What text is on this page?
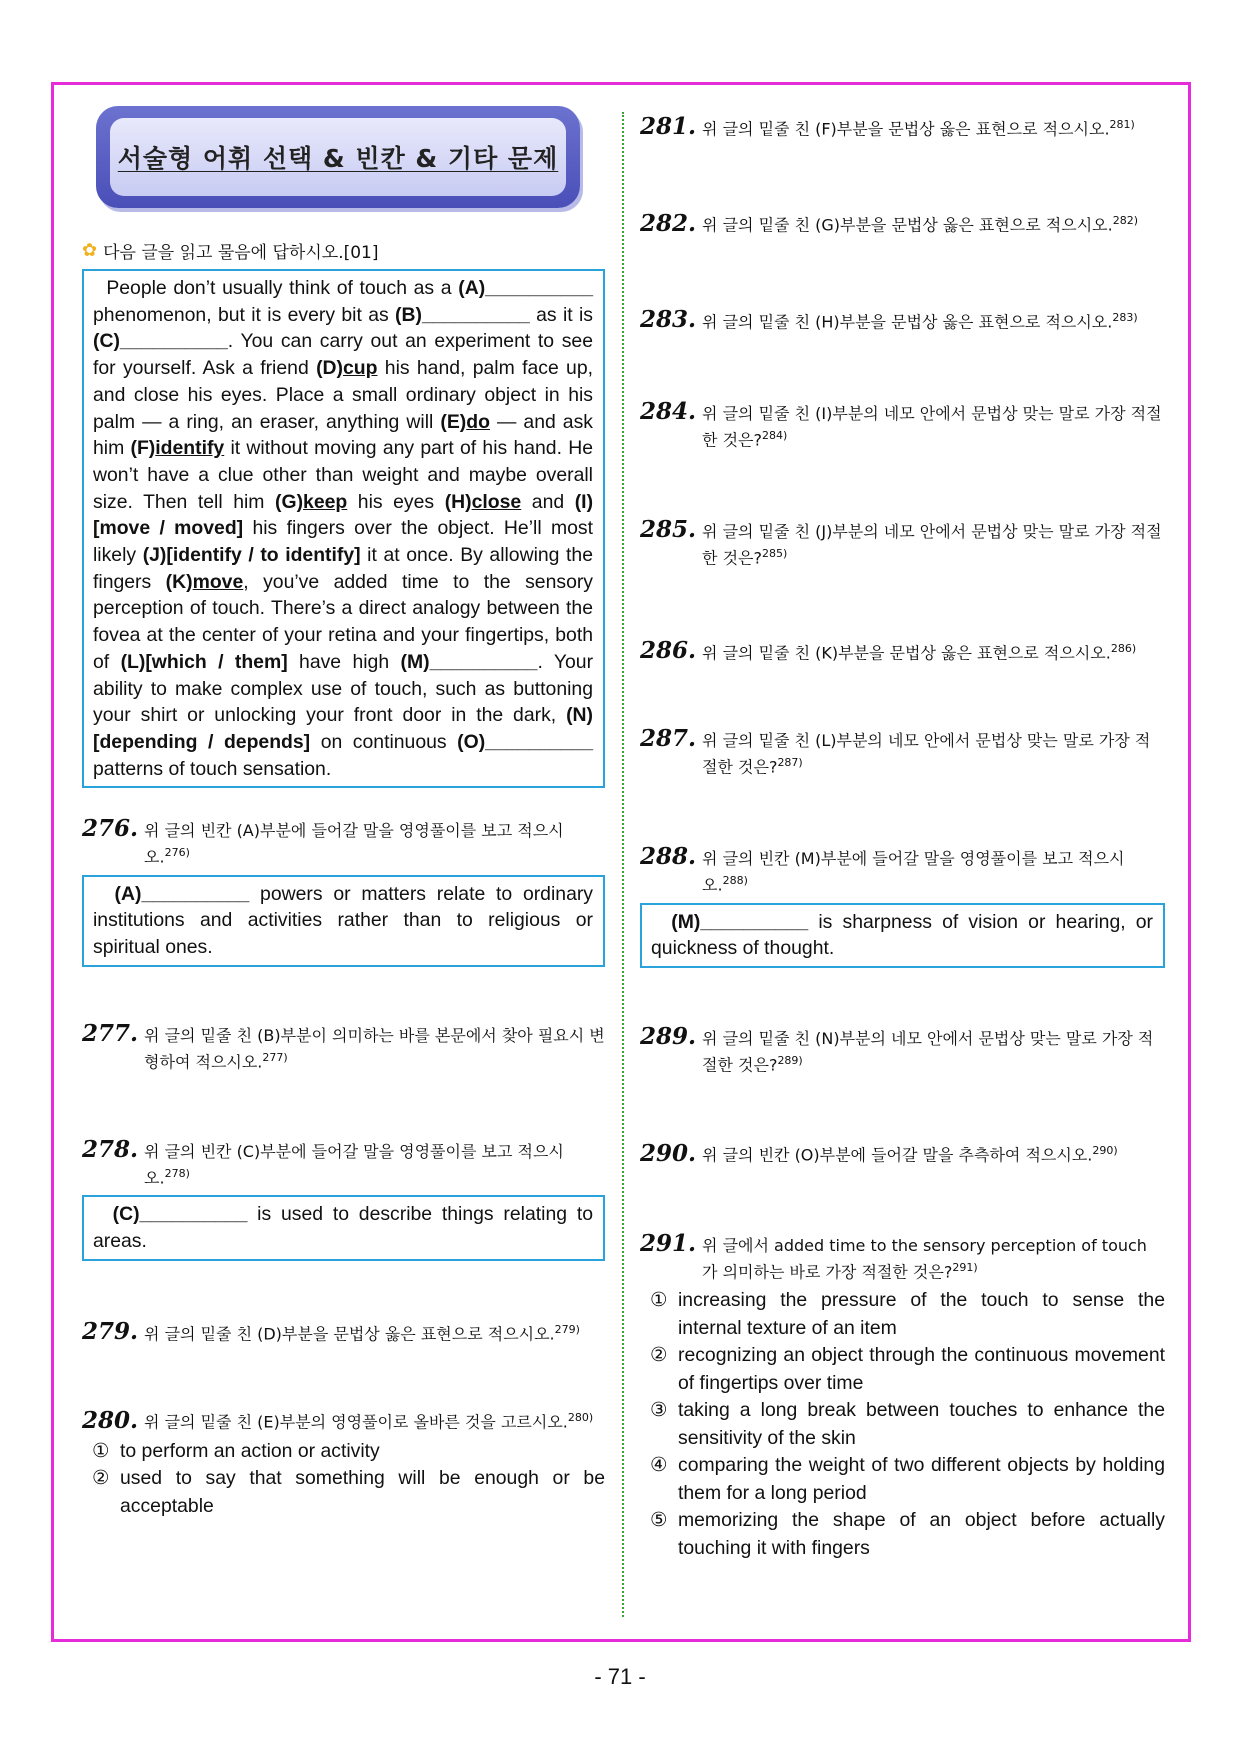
서술형 어휘 선택 & 빈칸 & 기타 문제
✿ 다음 글을 읽고 물음에 답하시오.[01]
People don’t usually think of touch as a (A)__________ phenomenon, but it is every bit as (B)__________ as it is (C)__________. You can carry out an experiment to see for yourself. Ask a friend (D)cup his hand, palm face up, and close his eyes. Place a small ordinary object in his palm — a ring, an eraser, anything will (E)do — and ask him (F)identify it without moving any part of his hand. He won’t have a clue other than weight and maybe overall size. Then tell him (G)keep his eyes (H)close and (I)[move / moved] his fingers over the object. He’ll most likely (J)[identify / to identify] it at once. By allowing the fingers (K)move, you’ve added time to the sensory perception of touch. There’s a direct analogy between the fovea at the center of your retina and your fingertips, both of (L)[which / them] have high (M)__________. Your ability to make complex use of touch, such as buttoning your shirt or unlocking your front door in the dark, (N)[depending / depends] on continuous (O)__________ patterns of touch sensation.
276. 위 글의 빈칸 (A)부분에 들어갈 말을 영영풀이를 보고 적으시오.$^{276)}$
(A)__________ powers or matters relate to ordinary institutions and activities rather than to religious or spiritual ones.
277. 위 글의 밑줄 친 (B)부분이 의미하는 바를 본문에서 찾아 필요시 변형하여 적으시오.$^{277)}$
278. 위 글의 빈칸 (C)부분에 들어갈 말을 영영풀이를 보고 적으시오.$^{278)}$
(C)__________ is used to describe things relating to areas.
279. 위 글의 밑줄 친 (D)부분을 문법상 옳은 표현으로 적으시오.$^{279)}$
280. 위 글의 밑줄 친 (E)부분의 영영풀이로 올바른 것을 고르시오.$^{280)}$
① to perform an action or activity
② used to say that something will be enough or be acceptable
281. 위 글의 밑줄 친 (F)부분을 문법상 옳은 표현으로 적으시오.$^{281)}$
282. 위 글의 밑줄 친 (G)부분을 문법상 옳은 표현으로 적으시오.$^{282)}$
283. 위 글의 밑줄 친 (H)부분을 문법상 옳은 표현으로 적으시오.$^{283)}$
284. 위 글의 밑줄 친 (I)부분의 네모 안에서 문법상 맞는 말로 가장 적절한 것은?$^{284)}$
285. 위 글의 밑줄 친 (J)부분의 네모 안에서 문법상 맞는 말로 가장 적절한 것은?$^{285)}$
286. 위 글의 밑줄 친 (K)부분을 문법상 옳은 표현으로 적으시오.$^{286)}$
287. 위 글의 밑줄 친 (L)부분의 네모 안에서 문법상 맞는 말로 가장 적절한 것은?$^{287)}$
288. 위 글의 빈칸 (M)부분에 들어갈 말을 영영풀이를 보고 적으시오.$^{288)}$
(M)__________ is sharpness of vision or hearing, or quickness of thought.
289. 위 글의 밑줄 친 (N)부분의 네모 안에서 문법상 맞는 말로 가장 적절한 것은?$^{289)}$
290. 위 글의 빈칸 (O)부분에 들어갈 말을 추측하여 적으시오.$^{290)}$
291. 위 글에서 added time to the sensory perception of touch 가 의미하는 바로 가장 적절한 것은?$^{291)}$
① increasing the pressure of the touch to sense the internal texture of an item
② recognizing an object through the continuous movement of fingertips over time
③ taking a long break between touches to enhance the sensitivity of the skin
④ comparing the weight of two different objects by holding them for a long period
⑤ memorizing the shape of an object before actually touching it with fingers
- 71 -
